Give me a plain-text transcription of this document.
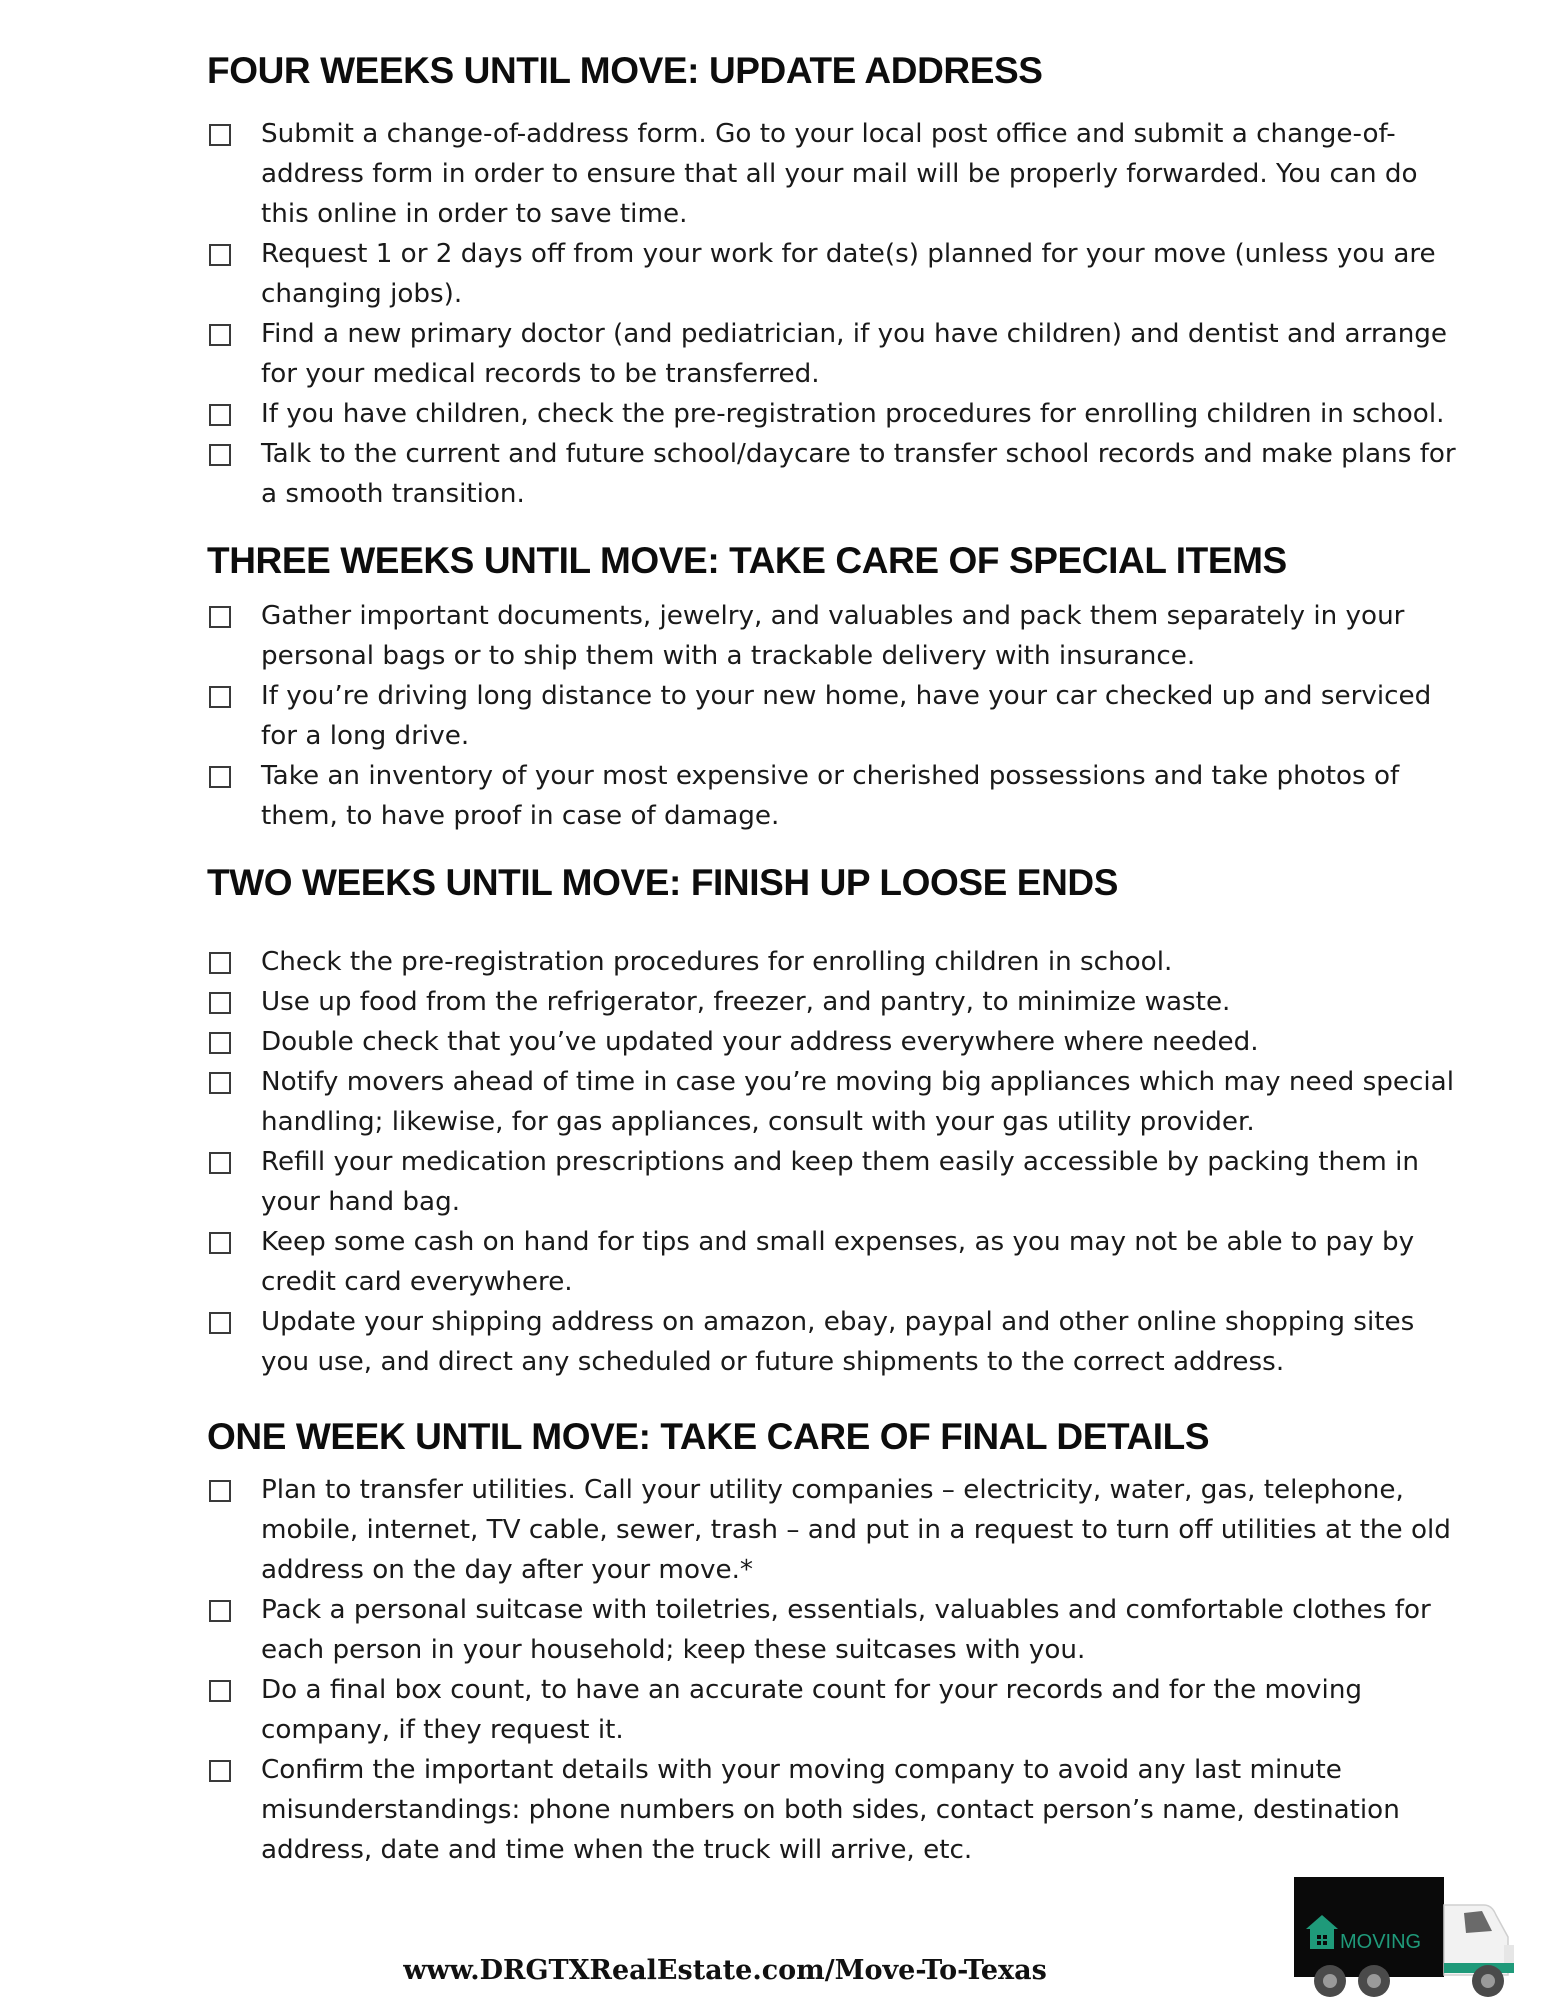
FOUR WEEKS UNTIL MOVE: UPDATE ADDRESS
Submit a change-of-address form. Go to your local post office and submit a change-of-address form in order to ensure that all your mail will be properly forwarded. You can do this online in order to save time.
Request 1 or 2 days off from your work for date(s) planned for your move (unless you are changing jobs).
Find a new primary doctor (and pediatrician, if you have children) and dentist and arrange for your medical records to be transferred.
If you have children, check the pre-registration procedures for enrolling children in school.
Talk to the current and future school/daycare to transfer school records and make plans for a smooth transition.
THREE WEEKS UNTIL MOVE: TAKE CARE OF SPECIAL ITEMS
Gather important documents, jewelry, and valuables and pack them separately in your personal bags or to ship them with a trackable delivery with insurance.
If you’re driving long distance to your new home, have your car checked up and serviced for a long drive.
Take an inventory of your most expensive or cherished possessions and take photos of them, to have proof in case of damage.
TWO WEEKS UNTIL MOVE: FINISH UP LOOSE ENDS
Check the pre-registration procedures for enrolling children in school.
Use up food from the refrigerator, freezer, and pantry, to minimize waste.
Double check that you’ve updated your address everywhere where needed.
Notify movers ahead of time in case you’re moving big appliances which may need special handling; likewise, for gas appliances, consult with your gas utility provider.
Refill your medication prescriptions and keep them easily accessible by packing them in your hand bag.
Keep some cash on hand for tips and small expenses, as you may not be able to pay by credit card everywhere.
Update your shipping address on amazon, ebay, paypal and other online shopping sites you use, and direct any scheduled or future shipments to the correct address.
ONE WEEK UNTIL MOVE: TAKE CARE OF FINAL DETAILS
Plan to transfer utilities. Call your utility companies – electricity, water, gas, telephone, mobile, internet, TV cable, sewer, trash – and put in a request to turn off utilities at the old address on the day after your move.*
Pack a personal suitcase with toiletries, essentials, valuables and comfortable clothes for each person in your household; keep these suitcases with you.
Do a final box count, to have an accurate count for your records and for the moving company, if they request it.
Confirm the important details with your moving company to avoid any last minute misunderstandings: phone numbers on both sides, contact person’s name, destination address, date and time when the truck will arrive, etc.
www.DRGTXRealEstate.com/Move-To-Texas
MOVING
